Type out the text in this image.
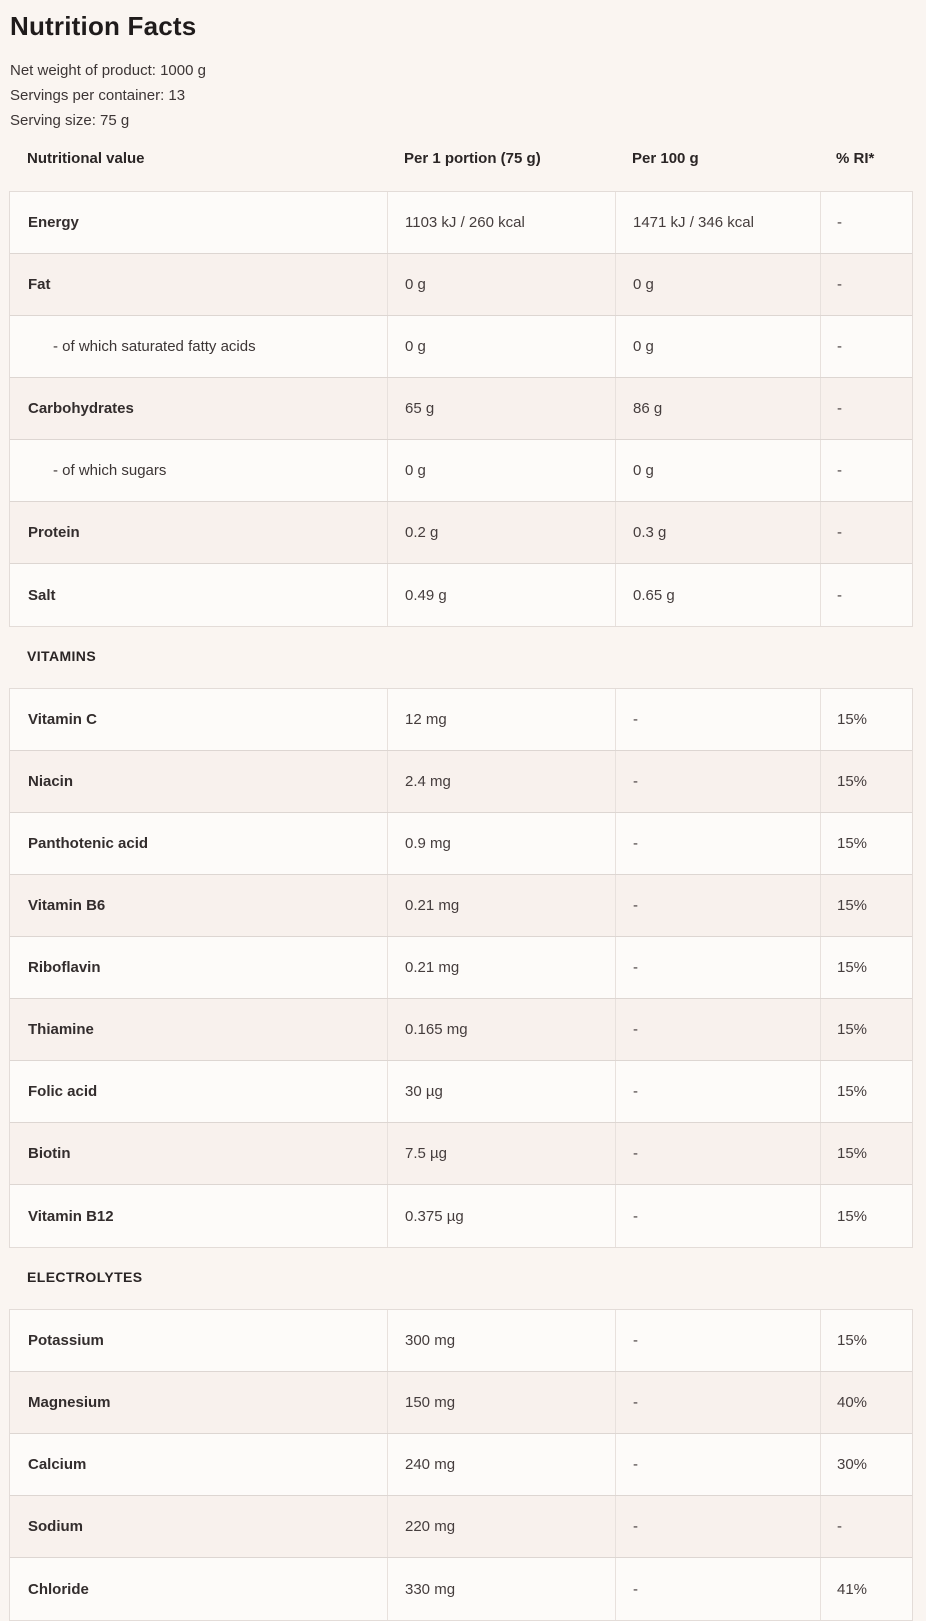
Nutrition Facts
Net weight of product: 1000 g
Servings per container: 13
Serving size: 75 g
Nutritional value	Per 1 portion (75 g)	Per 100 g	% RI*
Energy	1103 kJ / 260 kcal	1471 kJ / 346 kcal	-
Fat	0 g	0 g	-
- of which saturated fatty acids	0 g	0 g	-
Carbohydrates	65 g	86 g	-
- of which sugars	0 g	0 g	-
Protein	0.2 g	0.3 g	-
Salt	0.49 g	0.65 g	-
VITAMINS
Vitamin C	12 mg	-	15%
Niacin	2.4 mg	-	15%
Panthotenic acid	0.9 mg	-	15%
Vitamin B6	0.21 mg	-	15%
Riboflavin	0.21 mg	-	15%
Thiamine	0.165 mg	-	15%
Folic acid	30 µg	-	15%
Biotin	7.5 µg	-	15%
Vitamin B12	0.375 µg	-	15%
ELECTROLYTES
Potassium	300 mg	-	15%
Magnesium	150 mg	-	40%
Calcium	240 mg	-	30%
Sodium	220 mg	-	-
Chloride	330 mg	-	41%
